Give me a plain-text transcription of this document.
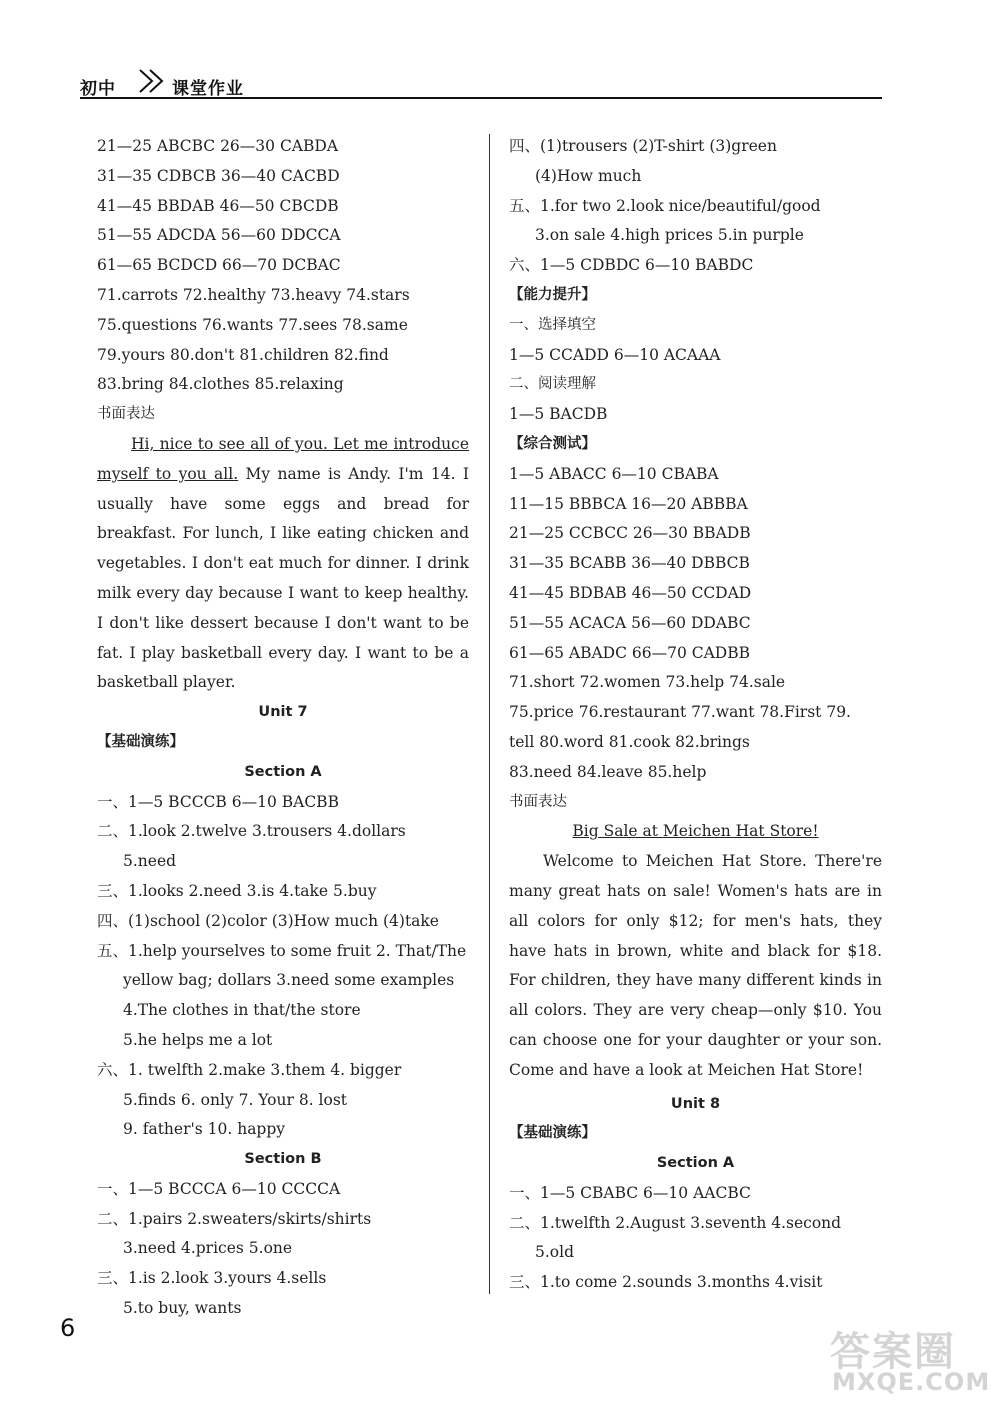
初中	课堂作业
21—25 ABCBC 26—30 CABDA
31—35 CDBCB 36—40 CACBD
41—45 BBDAB 46—50 CBCDB
51—55 ADCDA 56—60 DDCCA
61—65 BCDCD 66—70 DCBAC
71.carrots 72.healthy 73.heavy 74.stars
75.questions 76.wants 77.sees 78.same
79.yours 80.don't 81.children 82.find
83.bring 84.clothes 85.relaxing
书面表达

Hi, nice to see all of you. Let me introduce myself to you all. My name is Andy. I'm 14. I usually have some eggs and bread for breakfast. For lunch, I like eating chicken and vegetables. I don't eat much for dinner. I drink milk every day because I want to keep healthy. I don't like dessert because I don't want to be fat. I play basketball every day. I want to be a basketball player.

Unit 7
【基础演练】
Section A
一、1—5 BCCCB 6—10 BACBB
二、1.look 2.twelve 3.trousers 4.dollars
5.need
三、1.looks 2.need 3.is 4.take 5.buy
四、(1)school (2)color (3)How much (4)take
五、1.help yourselves to some fruit 2. That/The
yellow bag; dollars 3.need some examples
4.The clothes in that/the store
5.he helps me a lot
六、1. twelfth 2.make 3.them 4. bigger
5.finds 6. only 7. Your 8. lost
9. father's 10. happy
Section B
一、1—5 BCCCA 6—10 CCCCA
二、1.pairs 2.sweaters/skirts/shirts
3.need 4.prices 5.one
三、1.is 2.look 3.yours 4.sells
5.to buy, wants
四、(1)trousers (2)T-shirt (3)green
(4)How much
五、1.for two 2.look nice/beautiful/good
3.on sale 4.high prices 5.in purple
六、1—5 CDBDC 6—10 BABDC
【能力提升】
一、选择填空
1—5 CCADD 6—10 ACAAA
二、阅读理解
1—5 BACDB
【综合测试】
1—5 ABACC 6—10 CBABA
11—15 BBBCA 16—20 ABBBA
21—25 CCBCC 26—30 BBADB
31—35 BCABB 36—40 DBBCB
41—45 BDBAB 46—50 CCDAD
51—55 ACACA 56—60 DDABC
61—65 ABADC 66—70 CADBB
71.short 72.women 73.help 74.sale
75.price 76.restaurant 77.want 78.First 79.
tell 80.word 81.cook 82.brings
83.need 84.leave 85.help
书面表达
Big Sale at Meichen Hat Store!

Welcome to Meichen Hat Store. There're many great hats on sale! Women's hats are in all colors for only $12; for men's hats, they have hats in brown, white and black for $18. For children, they have many different kinds in all colors. They are very cheap—only $10. You can choose one for your daughter or your son. Come and have a look at Meichen Hat Store!

Unit 8
【基础演练】
Section A
一、1—5 CBABC 6—10 AACBC
二、1.twelfth 2.August 3.seventh 4.second
5.old
三、1.to come 2.sounds 3.months 4.visit
6
答案圈
MXQE.COM
